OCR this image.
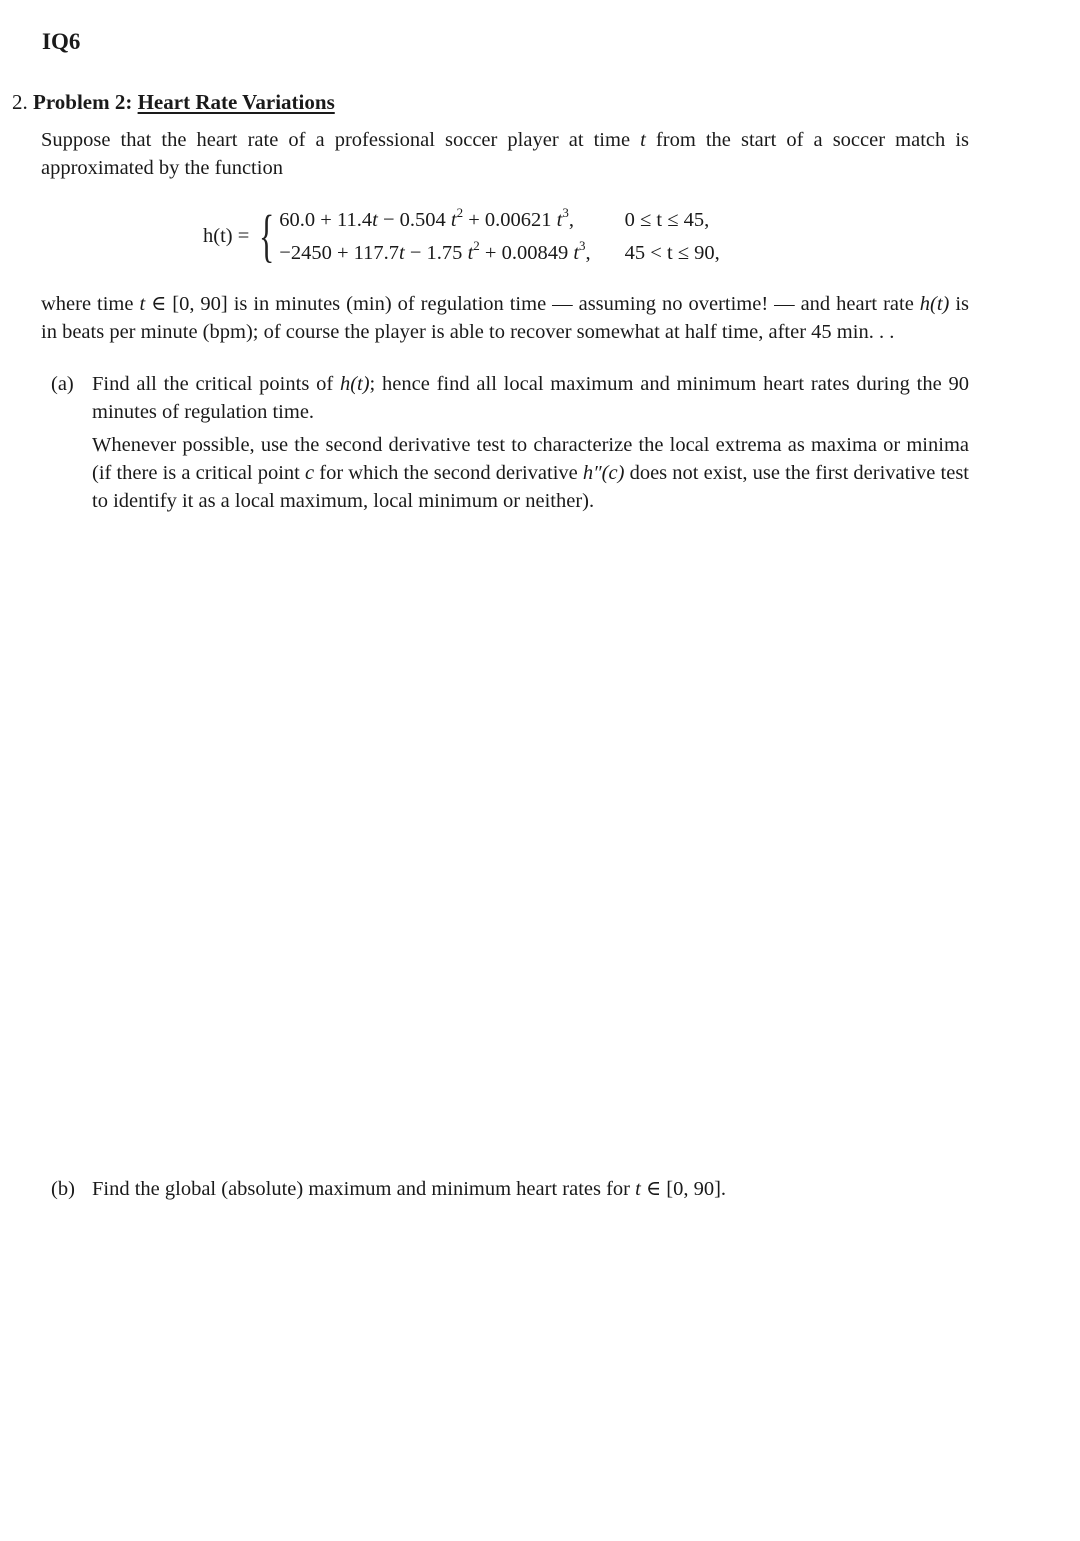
IQ6
2. Problem 2: Heart Rate Variations
Suppose that the heart rate of a professional soccer player at time t from the start of a soccer match is approximated by the function
h(t) = { 60.0 + 11.4t − 0.504 $t^2 + 0.00621$ $t^3$,	0 ≤ t ≤ 45,
−2450 + 117.7t − 1.75 $t^2 + 0.00849$ $t^3$, 45 < t ≤ 90,
where time t ∈ [0, 90] is in minutes (min) of regulation time — assuming no overtime! — and heart rate h(t) is in beats per minute (bpm); of course the player is able to recover somewhat at half time, after 45 min. . .
(a) Find all the critical points of h(t); hence find all local maximum and minimum heart rates during the 90 minutes of regulation time.
Whenever possible, use the second derivative test to characterize the local extrema as maxima or minima (if there is a critical point c for which the second derivative h″(c) does not exist, use the first derivative test to identify it as a local maximum, local minimum or neither).
(b) Find the global (absolute) maximum and minimum heart rates for t ∈ [0, 90].
